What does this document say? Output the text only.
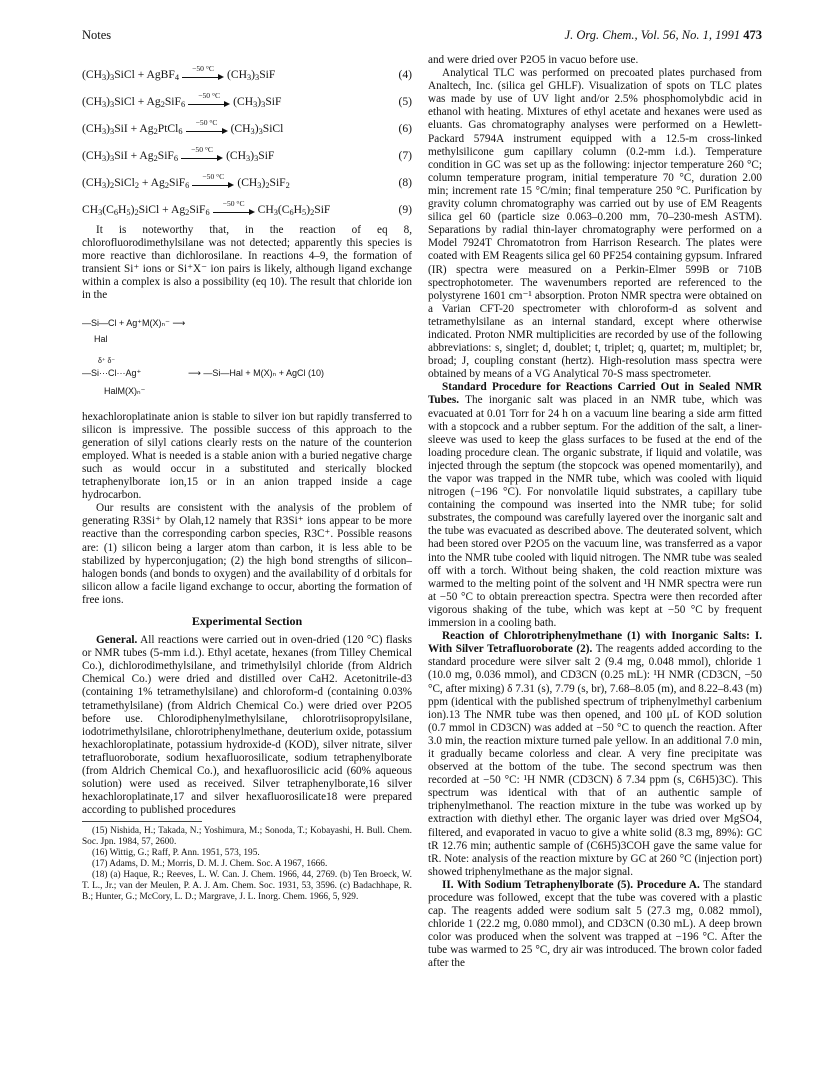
Notes	J. Org. Chem., Vol. 56, No. 1, 1991 473
$(CH_3)_3SiCl$ + AgBF$_4$
−50 °C $(CH_3)_3SiF$	(4)
$(CH_3)_3SiCl + Ag_2SiF_6$
−50 °C $(CH_3)_3SiF$	(5)
$(CH_3)_3SiI$ + $Ag_2PtCl_6$
−50 °C $(CH_3)_3SiCl$	(6)
$(CH_3)_3SiI + Ag_2SiF_6$
−50 °C $(CH_3)_3SiF$	(7)
$(CH_3)_2SiCl_2 + Ag_2SiF_6$
−50 °C $(CH_3)_2SiF_2$	(8)
$CH_3(C_6H_5)_2SiCl + Ag_2SiF_6$
−50 °C $CH_3(C_6H_5)_2SiF$	(9)

It is noteworthy that, in the reaction of eq 8, chlorofluorodimethylsilane was not detected; apparently this species is more reactive than dichlorosilane. In reactions 4–9, the formation of transient Si⁺ ions or Si⁺X⁻ ion pairs is likely, although ligand exchange within a complex is also a possibility (eq 10). The result that chloride ion in the

—Si—Cl + Ag⁺M(X)ₙ⁻ ⟶
Hal
δ⁺ δ⁻
—Si···Cl···Ag⁺
HalM(X)ₙ⁻
⟶ —Si—Hal + M(X)ₙ + AgCl (10)

hexachloroplatinate anion is stable to silver ion but rapidly transferred to silicon is impressive. The possible success of this approach to the generation of silyl cations clearly rests on the nature of the counterion employed. What is needed is a stable anion with a buried negative charge such as would occur in a substituted and sterically blocked tetraphenylborate ion,15 or in an anion trapped inside a cage hydrocarbon.

Our results are consistent with the analysis of the problem of generating R3Si⁺ by Olah,12 namely that R3Si⁺ ions appear to be more reactive than the corresponding carbon species, R3C⁺. Possible reasons are: (1) silicon being a larger atom than carbon, it is less able to be stabilized by hyperconjugation; (2) the high bond strengths of silicon–halogen bonds (and bonds to oxygen) and the availability of d orbitals for silicon allow a facile ligand exchange to occur, aborting the formation of free ions.

Experimental Section

General. All reactions were carried out in oven-dried (120 °C) flasks or NMR tubes (5-mm i.d.). Ethyl acetate, hexanes (from Tilley Chemical Co.), dichlorodimethylsilane, and trimethylsilyl chloride (from Aldrich Chemical Co.) were dried and distilled over CaH2. Acetonitrile-d3 (containing 1% tetramethylsilane) and chloroform-d (containing 0.03% tetramethylsilane) (from Aldrich Chemical Co.) were dried over P2O5 before use. Chlorodiphenylmethylsilane, chlorotriisopropylsilane, iodotrimethylsilane, chlorotriphenylmethane, deuterium oxide, potassium hexachloroplatinate, potassium hydroxide-d (KOD), silver nitrate, silver tetrafluoroborate, sodium hexafluorosilicate, sodium tetraphenylborate (from Aldrich Chemical Co.), and hexafluorosilicic acid (60% aqueous solution) were used as received. Silver tetraphenylborate,16 silver hexachloroplatinate,17 and silver hexafluorosilicate18 were prepared according to published procedures

(15) Nishida, H.; Takada, N.; Yoshimura, M.; Sonoda, T.; Kobayashi, H. Bull. Chem. Soc. Jpn. 1984, 57, 2600.

(16) Wittig, G.; Raff, P. Ann. 1951, 573, 195.

(17) Adams, D. M.; Morris, D. M. J. Chem. Soc. A 1967, 1666.

(18) (a) Haque, R.; Reeves, L. W. Can. J. Chem. 1966, 44, 2769. (b) Ten Broeck, W. T. L., Jr.; van der Meulen, P. A. J. Am. Chem. Soc. 1931, 53, 3596. (c) Badachhape, R. B.; Hunter, G.; McCory, L. D.; Margrave, J. L. Inorg. Chem. 1966, 5, 929.

and were dried over P2O5 in vacuo before use.

Analytical TLC was performed on precoated plates purchased from Analtech, Inc. (silica gel GHLF). Visualization of spots on TLC plates was made by use of UV light and/or 2.5% phosphomolybdic acid in ethanol with heating. Mixtures of ethyl acetate and hexanes were used as eluants. Gas chromatography analyses were performed on a Hewlett-Packard 5794A instrument equipped with a 12.5-m cross-linked methylsilicone gum capillary column (0.2-mm i.d.). Temperature condition in GC was set up as the following: injector temperature 260 °C; column temperature program, initial temperature 70 °C, duration 2.00 min; increment rate 15 °C/min; final temperature 250 °C. Purification by gravity column chromatography was carried out by use of EM Reagents silica gel 60 (particle size 0.063–0.200 mm, 70–230-mesh ASTM). Separations by radial thin-layer chromatography were performed on a Model 7924T Chromatotron from Harrison Research. The plates were coated with EM Reagents silica gel 60 PF254 containing gypsum. Infrared (IR) spectra were measured on a Perkin-Elmer 599B or 710B spectrophotometer. The wavenumbers reported are referenced to the polystyrene 1601 cm⁻¹ absorption. Proton NMR spectra were obtained on a Varian CFT-20 spectrometer with chloroform-d as solvent and tetramethylsilane as an internal standard, except where otherwise indicated. Proton NMR multiplicities are recorded by use of the following abbreviations: s, singlet; d, doublet; t, triplet; q, quartet; m, multiplet; br, broad; J, coupling constant (hertz). High-resolution mass spectra were obtained by means of a VG Analytical 70-S mass spectrometer.

Standard Procedure for Reactions Carried Out in Sealed NMR Tubes. The inorganic salt was placed in an NMR tube, which was evacuated at 0.01 Torr for 24 h on a vacuum line bearing a side arm fitted with a stopcock and a rubber septum. For the addition of the salt, a liner-sleeve was used to keep the glass surfaces to be fused at the end of the loading procedure clean. The organic substrate, if liquid and volatile, was injected through the septum (the stopcock was opened momentarily), and the vapor was trapped in the NMR tube, which was cooled with liquid nitrogen (−196 °C). For nonvolatile liquid substrates, a capillary tube containing the compound was inserted into the NMR tube; for solid substrates, the compound was carefully layered over the inorganic salt and the tube was evacuated as described above. The deuterated solvent, which had been stored over P2O5 on the vacuum line, was transferred as a vapor into the NMR tube cooled with liquid nitrogen. The NMR tube was sealed off with a torch. Without being shaken, the cold reaction mixture was warmed to the melting point of the solvent and ¹H NMR spectra were run at −50 °C to obtain prereaction spectra. Spectra were then recorded after vigorous shaking of the tube, which was kept at −50 °C by frequent immersion in a cooling bath.

Reaction of Chlorotriphenylmethane (1) with Inorganic Salts: I. With Silver Tetrafluoroborate (2). The reagents added according to the standard procedure were silver salt 2 (9.4 mg, 0.048 mmol), chloride 1 (10.0 mg, 0.036 mmol), and CD3CN (0.25 mL): ¹H NMR (CD3CN, −50 °C, after mixing) δ 7.31 (s), 7.79 (s, br), 7.68–8.05 (m), and 8.22–8.43 (m) ppm (identical with the published spectrum of triphenylmethyl carbenium ion).13 The NMR tube was then opened, and 100 μL of KOD solution (0.7 mmol in CD3CN) was added at −50 °C to quench the reaction. After 3.0 min, the reaction mixture turned pale yellow. In an additional 7.0 min, it gradually became colorless and clear. A very fine precipitate was observed at the bottom of the tube. The second spectrum was then recorded at −50 °C: ¹H NMR (CD3CN) δ 7.34 ppm (s, C6H5)3C). This spectrum was identical with that of an authentic sample of triphenylmethanol. The reaction mixture in the tube was worked up by extraction with diethyl ether. The organic layer was dried over MgSO4, filtered, and evaporated in vacuo to give a white solid (8.3 mg, 89%): GC tR 12.76 min; authentic sample of (C6H5)3COH gave the same value for tR. Note: analysis of the reaction mixture by GC at 260 °C (injection port) showed triphenylmethane as the major signal.

II. With Sodium Tetraphenylborate (5). Procedure A. The standard procedure was followed, except that the tube was covered with a plastic cap. The reagents added were sodium salt 5 (27.3 mg, 0.082 mmol), chloride 1 (22.2 mg, 0.080 mmol), and CD3CN (0.30 mL). A deep brown color was produced when the solvent was trapped at −196 °C. After the tube was warmed to 25 °C, dry air was introduced. The brown color faded after the
